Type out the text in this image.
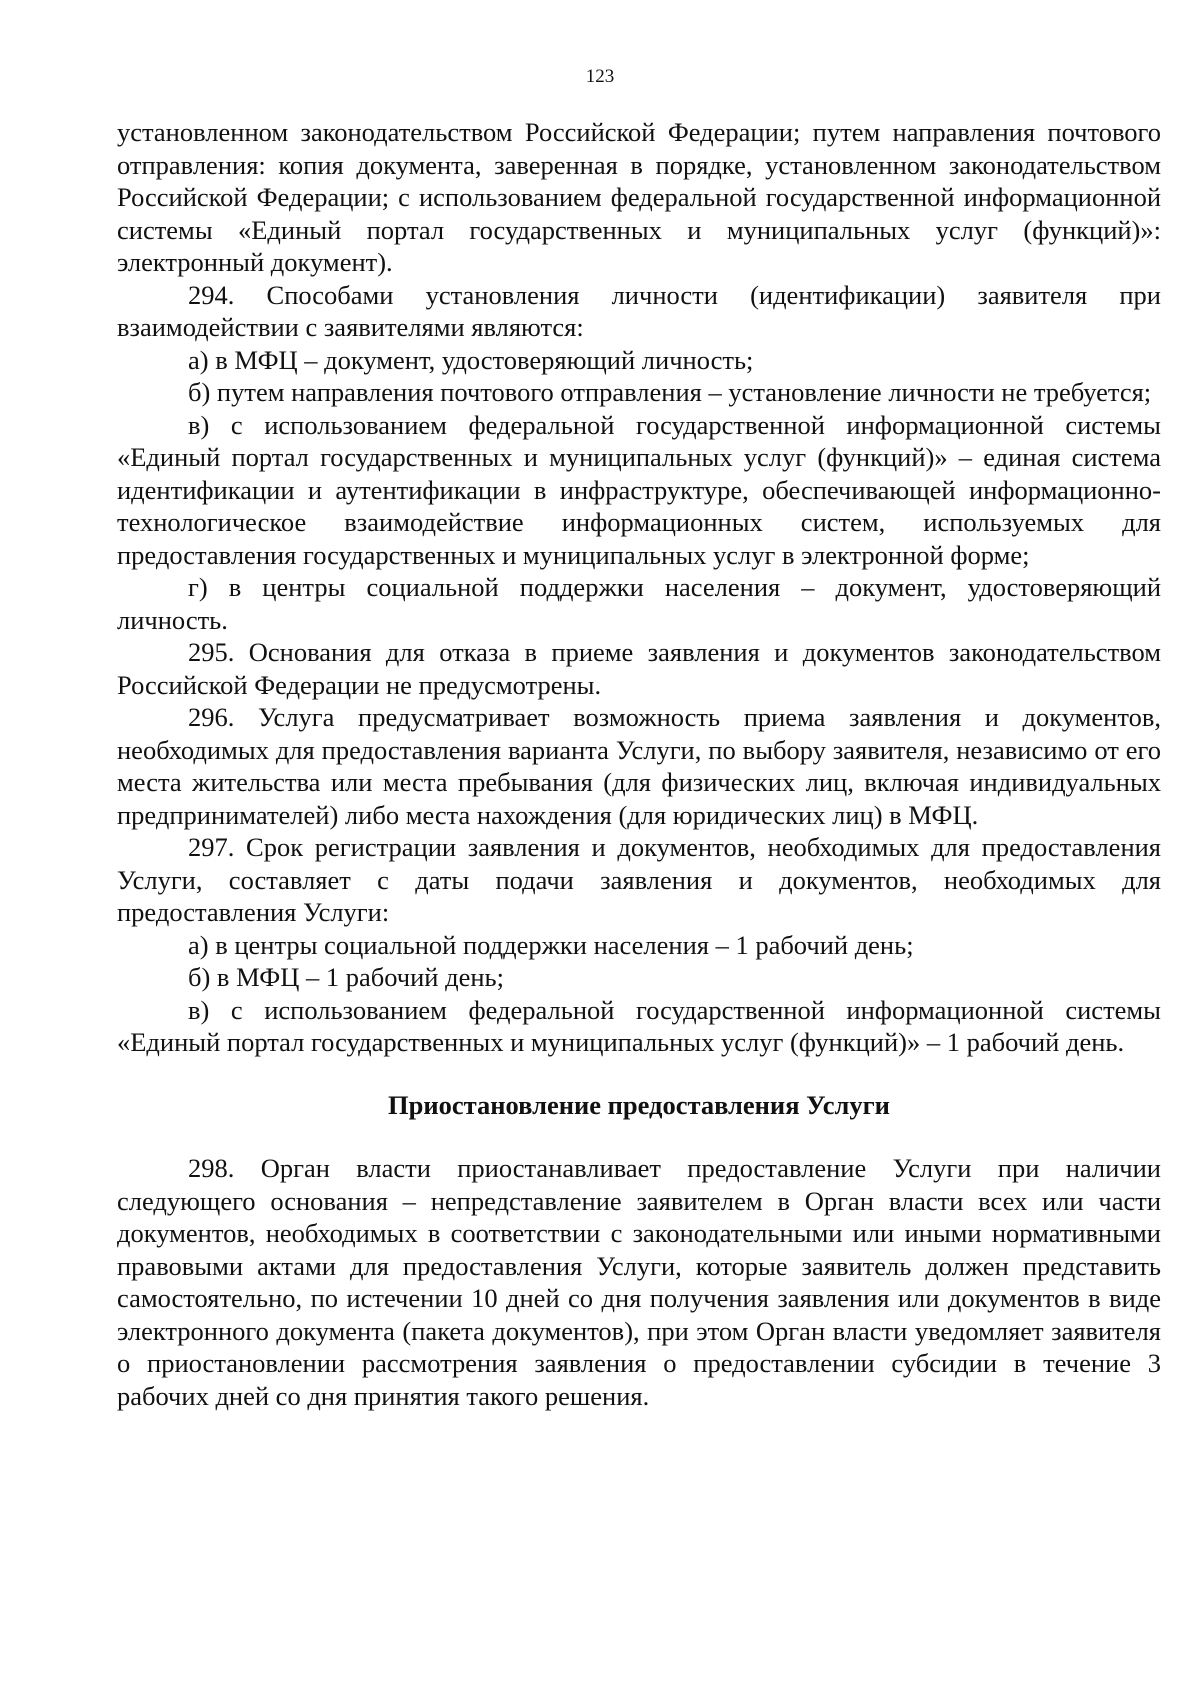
123

установленном законодательством Российской Федерации; путем направления почтового отправления: копия документа, заверенная в порядке, установленном законодательством Российской Федерации; с использованием федеральной государственной информационной системы «Единый портал государственных и муниципальных услуг (функций)»: электронный документ).

294. Способами установления личности (идентификации) заявителя при взаимодействии с заявителями являются:

а) в МФЦ – документ, удостоверяющий личность;

б) путем направления почтового отправления – установление личности не требуется;

в) с использованием федеральной государственной информационной системы «Единый портал государственных и муниципальных услуг (функций)» – единая система идентификации и аутентификации в инфраструктуре, обеспечивающей информационно-технологическое взаимодействие информационных систем, используемых для предоставления государственных и муниципальных услуг в электронной форме;

г) в центры социальной поддержки населения – документ, удостоверяющий личность.

295. Основания для отказа в приеме заявления и документов законодательством Российской Федерации не предусмотрены.

296. Услуга предусматривает возможность приема заявления и документов, необходимых для предоставления варианта Услуги, по выбору заявителя, независимо от его места жительства или места пребывания (для физических лиц, включая индивидуальных предпринимателей) либо места нахождения (для юридических лиц) в МФЦ.

297. Срок регистрации заявления и документов, необходимых для предоставления Услуги, составляет с даты подачи заявления и документов, необходимых для предоставления Услуги:

а) в центры социальной поддержки населения – 1 рабочий день;

б) в МФЦ – 1 рабочий день;

в) с использованием федеральной государственной информационной системы «Единый портал государственных и муниципальных услуг (функций)» – 1 рабочий день.

Приостановление предоставления Услуги

298. Орган власти приостанавливает предоставление Услуги при наличии следующего основания – непредставление заявителем в Орган власти всех или части документов, необходимых в соответствии с законодательными или иными нормативными правовыми актами для предоставления Услуги, которые заявитель должен представить самостоятельно, по истечении 10 дней со дня получения заявления или документов в виде электронного документа (пакета документов), при этом Орган власти уведомляет заявителя о приостановлении рассмотрения заявления о предоставлении субсидии в течение 3 рабочих дней со дня принятия такого решения.
